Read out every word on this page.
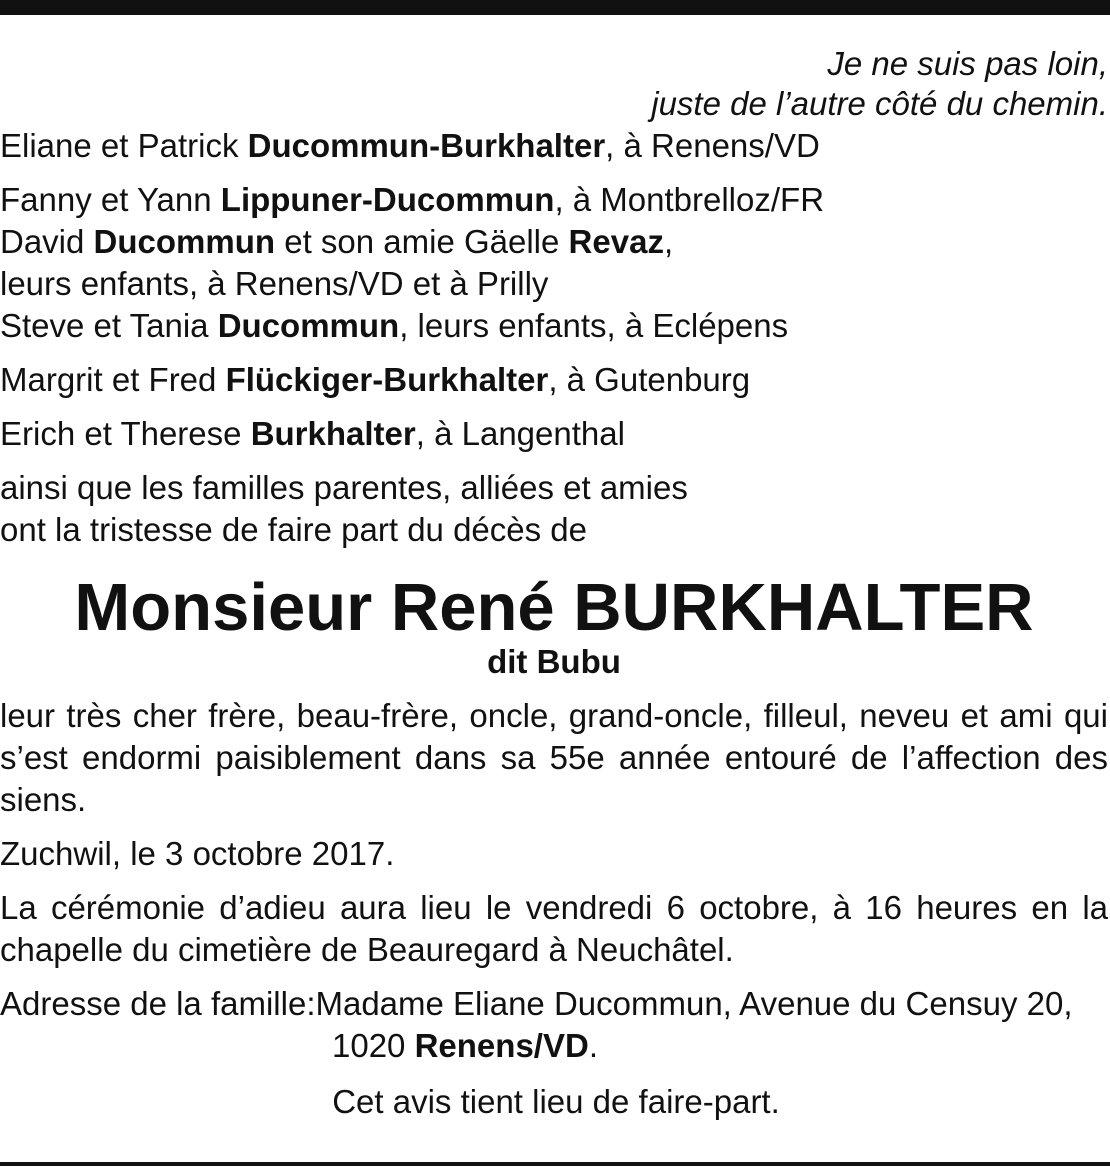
Je ne suis pas loin,
juste de l’autre côté du chemin.

Eliane et Patrick Ducommun-Burkhalter, à Renens/VD

Fanny et Yann Lippuner-Ducommun, à Montbrelloz/FR
David Ducommun et son amie Gäelle Revaz,
leurs enfants, à Renens/VD et à Prilly
Steve et Tania Ducommun, leurs enfants, à Eclépens

Margrit et Fred Flückiger-Burkhalter, à Gutenburg

Erich et Therese Burkhalter, à Langenthal

ainsi que les familles parentes, alliées et amies
ont la tristesse de faire part du décès de

Monsieur René BURKHALTER

dit Bubu

leur très cher frère, beau-frère, oncle, grand-oncle, filleul, neveu et ami qui s’est endormi paisiblement dans sa 55e année entouré de l’affection des siens.

Zuchwil, le 3 octobre 2017.

La cérémonie d’adieu aura lieu le vendredi 6 octobre, à 16 heures en la chapelle du cimetière de Beauregard à Neuchâtel.

Adresse de la famille: Madame Eliane Ducommun, Avenue du Censuy 20,
1020 Renens/VD.

Cet avis tient lieu de faire-part.
